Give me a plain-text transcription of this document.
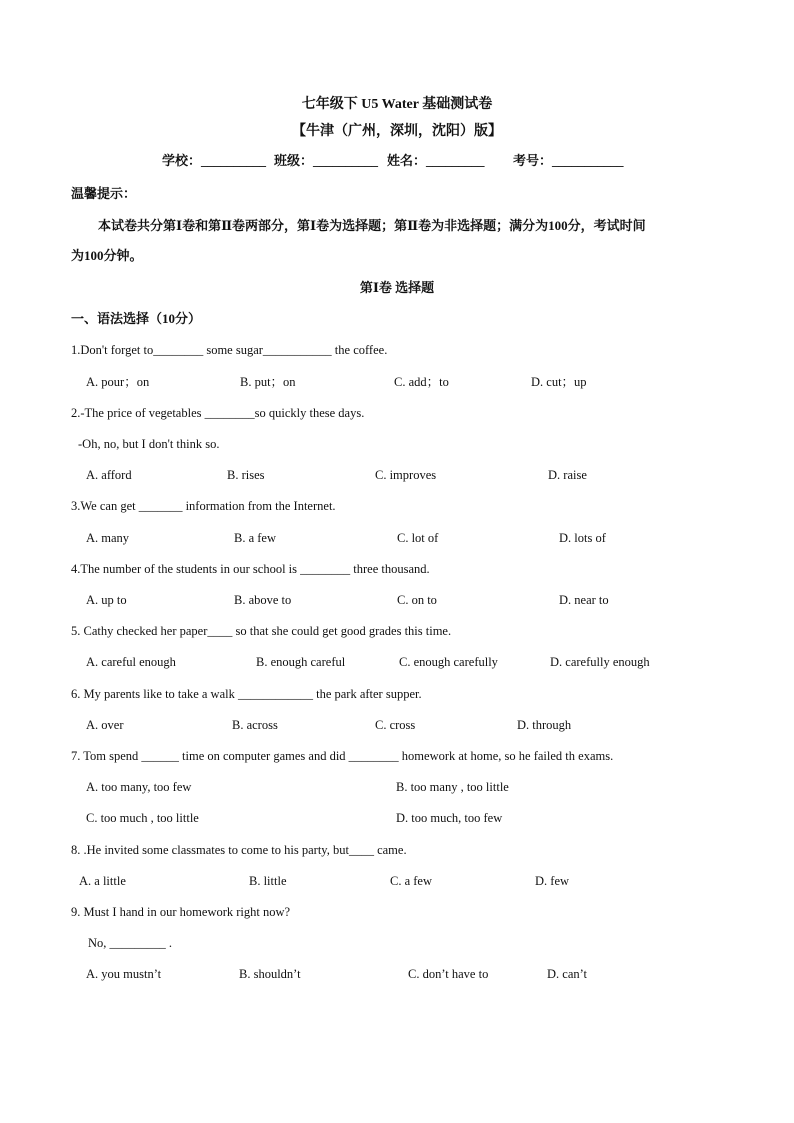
七年级下 U5 Water 基础测试卷
【牛津（广州，深圳，沈阳）版】
学校：__________ 班级：__________ 姓名：_________ 考号：___________
温馨提示：
本试卷共分第Ⅰ卷和第Ⅱ卷两部分，第Ⅰ卷为选择题；第Ⅱ卷为非选择题；满分为100分，考试时间
为100分钟。
第Ⅰ卷 选择题
一、语法选择（10分）
1.Don't forget to________ some sugar___________ the coffee.
A. pour；on	B. put；on	C. add；to	D. cut；up
2.-The price of vegetables ________so quickly these days.
-Oh, no, but I don't think so.
A. afford	B. rises	C. improves	D. raise
3.We can get _______ information from the Internet.
A. many	B. a few	C. lot of	D. lots of
4.The number of the students in our school is ________ three thousand.
A. up to	B. above to	C. on to	D. near to
5. Cathy checked her paper____ so that she could get good grades this time.
A. careful enough	B. enough careful	C. enough carefully	D. carefully enough
6. My parents like to take a walk ____________ the park after supper.
A. over	B. across	C. cross	D. through
7. Tom spend ______ time on computer games and did ________ homework at home, so he failed th exams.
A. too many, too few	B. too many , too little
C. too much , too little	D. too much, too few
8. .He invited some classmates to come to his party, but____ came.
A. a little	B. little	C. a few	D. few
9. Must I hand in our homework right now?
No, _________ .
A. you mustn’t	B. shouldn’t	C. don’t have to	D. can’t
